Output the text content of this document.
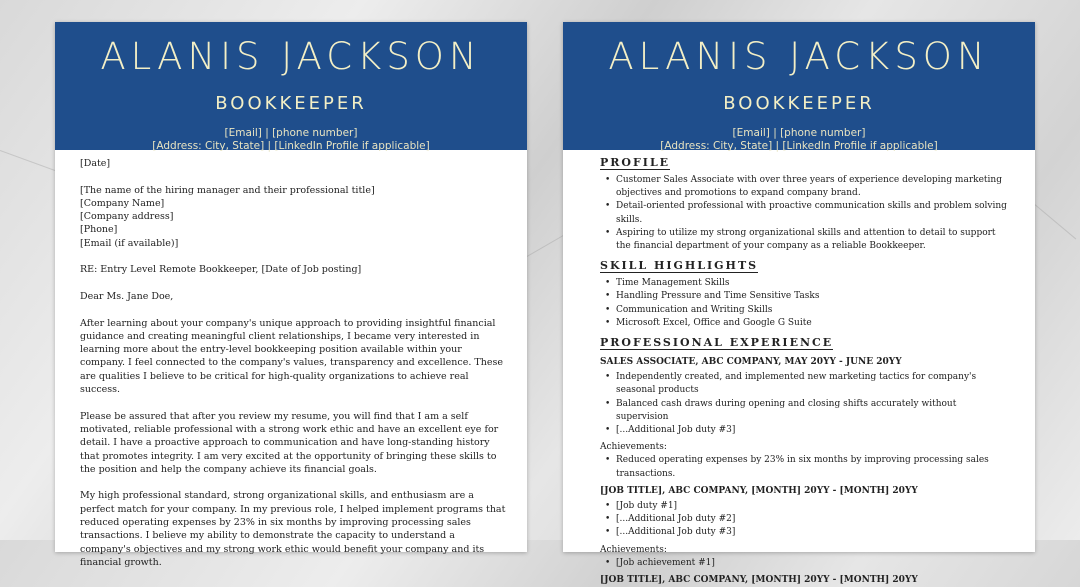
ALANIS JACKSON
BOOKKEEPER
[Email] | [phone number]
[Address: City, State] | [LinkedIn Profile if applicable]

[Date]

[The name of the hiring manager and their professional title]
[Company Name]
[Company address]
[Phone]
[Email (if available)]

RE: Entry Level Remote Bookkeeper, [Date of Job posting]

Dear Ms. Jane Doe,

After learning about your company's unique approach to providing insightful financial guidance and creating meaningful client relationships, I became very interested in learning more about the entry-level bookkeeping position available within your company. I feel connected to the company's values, transparency and excellence. These are qualities I believe to be critical for high-quality organizations to achieve real success.

Please be assured that after you review my resume, you will find that I am a self motivated, reliable professional with a strong work ethic and have an excellent eye for detail. I have a proactive approach to communication and have long-standing history that promotes integrity. I am very excited at the opportunity of bringing these skills to the position and help the company achieve its financial goals.

My high professional standard, strong organizational skills, and enthusiasm are a perfect match for your company. In my previous role, I helped implement programs that reduced operating expenses by 23% in six months by improving processing sales transactions. I believe my ability to demonstrate the capacity to understand a company's objectives and my strong work ethic would benefit your company and its financial growth.

ALANIS JACKSON
BOOKKEEPER
[Email] | [phone number]
[Address: City, State] | [LinkedIn Profile if applicable]
PROFILE
• Customer Sales Associate with over three years of experience developing marketing objectives and promotions to expand company brand.
• Detail-oriented professional with proactive communication skills and problem solving skills.
• Aspiring to utilize my strong organizational skills and attention to detail to support the financial department of your company as a reliable Bookkeeper.
SKILL HIGHLIGHTS
• Time Management Skills
• Handling Pressure and Time Sensitive Tasks
• Communication and Writing Skills
• Microsoft Excel, Office and Google G Suite
PROFESSIONAL EXPERIENCE
SALES ASSOCIATE, ABC COMPANY, MAY 20YY - JUNE 20YY
• Independently created, and implemented new marketing tactics for company's seasonal products
• Balanced cash draws during opening and closing shifts accurately without supervision
• [...Additional Job duty #3]
Achievements:
• Reduced operating expenses by 23% in six months by improving processing sales transactions.
[JOB TITLE], ABC COMPANY, [MONTH] 20YY - [MONTH] 20YY
• [Job duty #1]
• [...Additional Job duty #2]
• [...Additional Job duty #3]
Achievements:
• [Job achievement #1]
[JOB TITLE], ABC COMPANY, [MONTH] 20YY - [MONTH] 20YY
